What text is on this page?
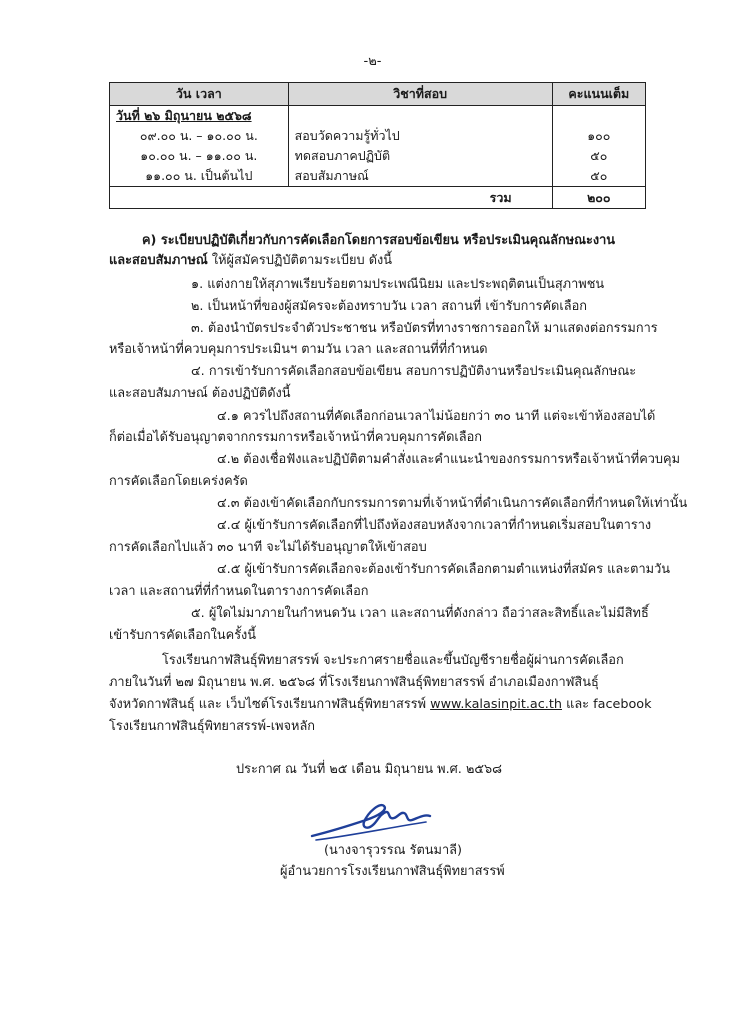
-๒-
วัน เวลา	วิชาที่สอบ	คะแนนเต็ม
วันที่ ๒๖ มิถุนายน ๒๕๖๘		
๐๙.๐๐ น. – ๑๐.๐๐ น.	สอบวัดความรู้ทั่วไป	๑๐๐
๑๐.๐๐ น. – ๑๑.๐๐ น.	ทดสอบภาคปฏิบัติ	๕๐
๑๑.๐๐ น. เป็นต้นไป	สอบสัมภาษณ์	๕๐
รวม		๒๐๐
ค) ระเบียบปฏิบัติเกี่ยวกับการคัดเลือกโดยการสอบข้อเขียน หรือประเมินคุณลักษณะงาน
และสอบสัมภาษณ์ ให้ผู้สมัครปฏิบัติตามระเบียบ ดังนี้
๑. แต่งกายให้สุภาพเรียบร้อยตามประเพณีนิยม และประพฤติตนเป็นสุภาพชน
๒. เป็นหน้าที่ของผู้สมัครจะต้องทราบวัน เวลา สถานที่ เข้ารับการคัดเลือก
๓. ต้องนำบัตรประจำตัวประชาชน หรือบัตรที่ทางราชการออกให้ มาแสดงต่อกรรมการ
หรือเจ้าหน้าที่ควบคุมการประเมินฯ ตามวัน เวลา และสถานที่ที่กำหนด
๔. การเข้ารับการคัดเลือกสอบข้อเขียน สอบการปฏิบัติงานหรือประเมินคุณลักษณะ
และสอบสัมภาษณ์ ต้องปฏิบัติดังนี้
๔.๑ ควรไปถึงสถานที่คัดเลือกก่อนเวลาไม่น้อยกว่า ๓๐ นาที แต่จะเข้าห้องสอบได้
ก็ต่อเมื่อได้รับอนุญาตจากกรรมการหรือเจ้าหน้าที่ควบคุมการคัดเลือก
๔.๒ ต้องเชื่อฟังและปฏิบัติตามคำสั่งและคำแนะนำของกรรมการหรือเจ้าหน้าที่ควบคุม
การคัดเลือกโดยเคร่งครัด
๔.๓ ต้องเข้าคัดเลือกกับกรรมการตามที่เจ้าหน้าที่ดำเนินการคัดเลือกที่กำหนดให้เท่านั้น
๔.๔ ผู้เข้ารับการคัดเลือกที่ไปถึงห้องสอบหลังจากเวลาที่กำหนดเริ่มสอบในตาราง
การคัดเลือกไปแล้ว ๓๐ นาที จะไม่ได้รับอนุญาตให้เข้าสอบ
๔.๕ ผู้เข้ารับการคัดเลือกจะต้องเข้ารับการคัดเลือกตามตำแหน่งที่สมัคร และตามวัน
เวลา และสถานที่ที่กำหนดในตารางการคัดเลือก
๕. ผู้ใดไม่มาภายในกำหนดวัน เวลา และสถานที่ดังกล่าว ถือว่าสละสิทธิ์และไม่มีสิทธิ์
เข้ารับการคัดเลือกในครั้งนี้
โรงเรียนกาฬสินธุ์พิทยาสรรพ์ จะประกาศรายชื่อและขึ้นบัญชีรายชื่อผู้ผ่านการคัดเลือก
ภายในวันที่ ๒๗ มิถุนายน พ.ศ. ๒๕๖๘ ที่โรงเรียนกาฬสินธุ์พิทยาสรรพ์ อำเภอเมืองกาฬสินธุ์
จังหวัดกาฬสินธุ์ และ เว็บไซต์โรงเรียนกาฬสินธุ์พิทยาสรรพ์ www.kalasinpit.ac.th และ facebook
โรงเรียนกาฬสินธุ์พิทยาสรรพ์-เพจหลัก
ประกาศ ณ วันที่ ๒๕ เดือน มิถุนายน พ.ศ. ๒๕๖๘
(นางจารุวรรณ รัตนมาลี)
ผู้อำนวยการโรงเรียนกาฬสินธุ์พิทยาสรรพ์
